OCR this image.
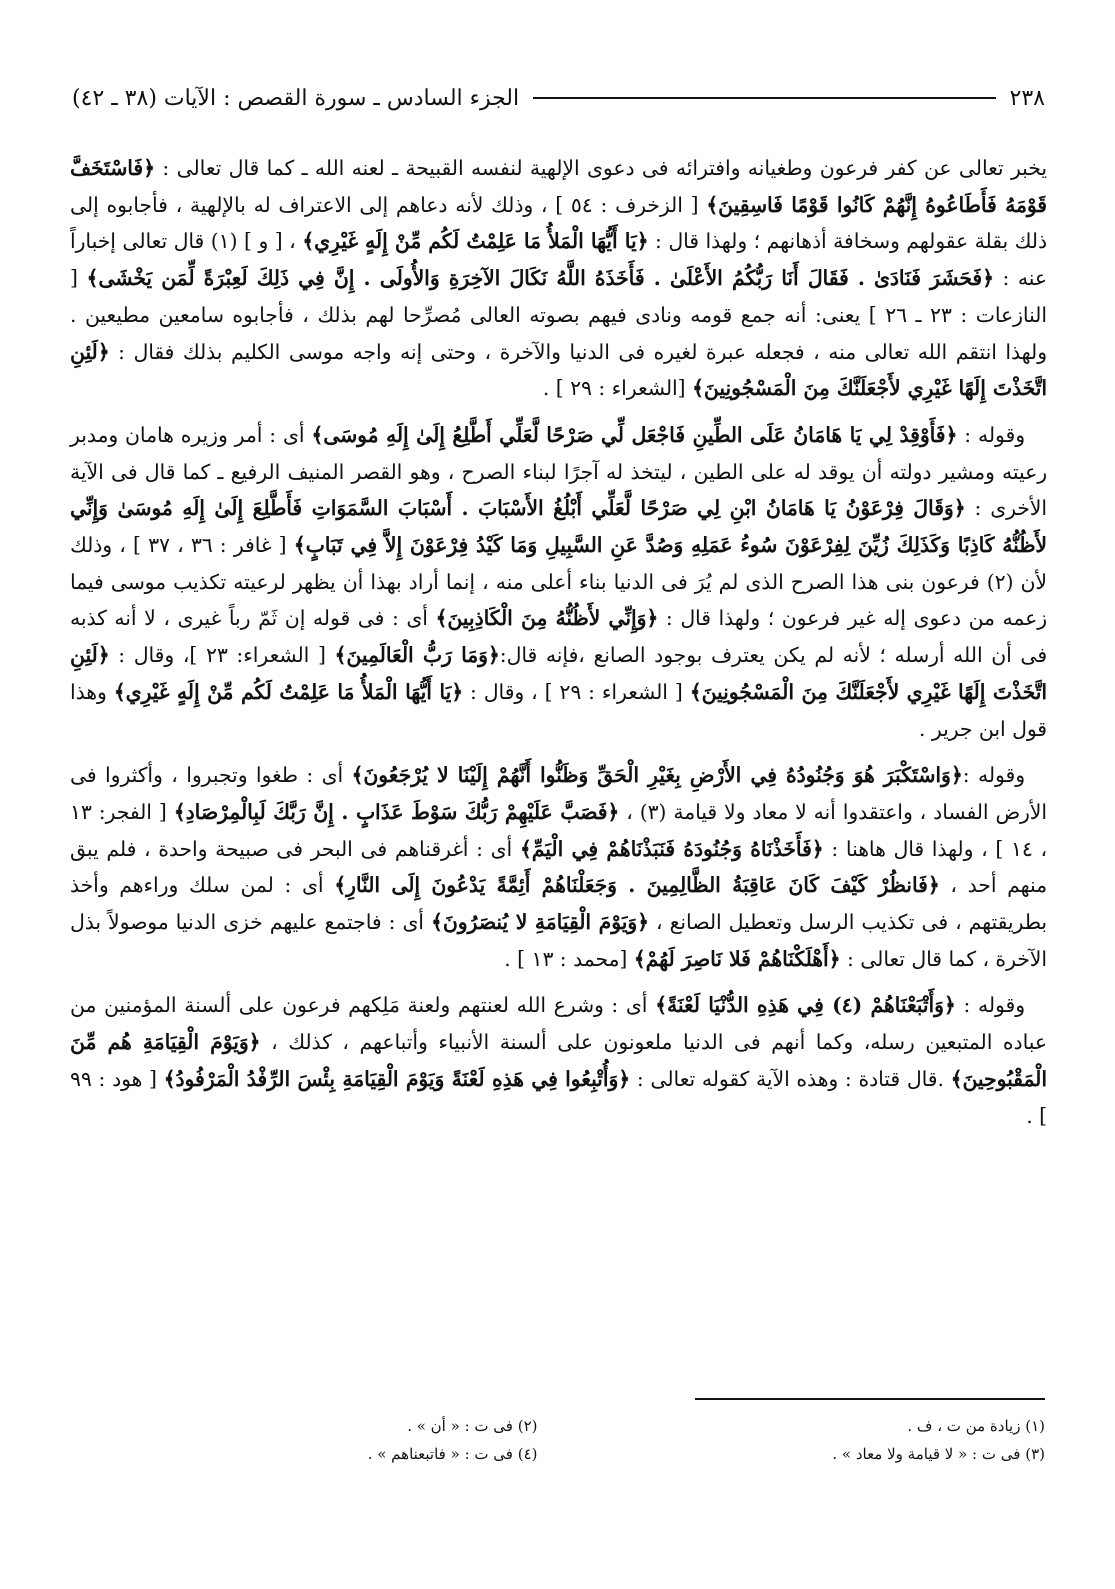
٢٣٨
الجزء السادس ـ سورة القصص : الآيات (٣٨ ـ ٤٢)

يخبر تعالى عن كفر فرعون وطغيانه وافترائه فى دعوى الإلهية لنفسه القبيحة ـ لعنه الله ـ كما قال تعالى : ﴿فَاسْتَخَفَّ قَوْمَهُ فَأَطَاعُوهُ إِنَّهُمْ كَانُوا قَوْمًا فَاسِقِينَ﴾ [ الزخرف : ٥٤ ] ، وذلك لأنه دعاهم إلى الاعتراف له بالإلهية ، فأجابوه إلى ذلك بقلة عقولهم وسخافة أذهانهم ؛ ولهذا قال : ﴿يَا أَيُّهَا الْمَلأُ مَا عَلِمْتُ لَكُم مِّنْ إِلَهٍ غَيْرِي﴾ ، [ و ] (١) قال تعالى إخباراً عنه : ﴿فَحَشَرَ فَنَادَىٰ . فَقَالَ أَنَا رَبُّكُمُ الأَعْلَىٰ . فَأَخَذَهُ اللَّهُ نَكَالَ الآخِرَةِ وَالأُولَى . إِنَّ فِي ذَلِكَ لَعِبْرَةً لِّمَن يَخْشَى﴾ [ النازعات : ٢٣ ـ ٢٦ ] يعنى: أنه جمع قومه ونادى فيهم بصوته العالى مُصرِّحا لهم بذلك ، فأجابوه سامعين مطيعين . ولهذا انتقم الله تعالى منه ، فجعله عبرة لغيره فى الدنيا والآخرة ، وحتى إنه واجه موسى الكليم بذلك فقال : ﴿لَئِنِ اتَّخَذْتَ إِلَهًا غَيْرِي لأَجْعَلَنَّكَ مِنَ الْمَسْجُونِينَ﴾ [الشعراء : ٢٩ ] .

وقوله : ﴿فَأَوْقِدْ لِي يَا هَامَانُ عَلَى الطِّينِ فَاجْعَل لِّي صَرْحًا لَّعَلِّي أَطَّلِعُ إِلَىٰ إِلَهِ مُوسَى﴾ أى : أمر وزيره هامان ومدبر رعيته ومشير دولته أن يوقد له على الطين ، ليتخذ له آجرًا لبناء الصرح ، وهو القصر المنيف الرفيع ـ كما قال فى الآية الأخرى : ﴿وَقَالَ فِرْعَوْنُ يَا هَامَانُ ابْنِ لِي صَرْحًا لَّعَلِّي أَبْلُغُ الأَسْبَابَ . أَسْبَابَ السَّمَوَاتِ فَأَطَّلِعَ إِلَىٰ إِلَهِ مُوسَىٰ وَإِنِّي لأَظُنُّهُ كَاذِبًا وَكَذَلِكَ زُيِّنَ لِفِرْعَوْنَ سُوءُ عَمَلِهِ وَصُدَّ عَنِ السَّبِيلِ وَمَا كَيْدُ فِرْعَوْنَ إِلاَّ فِي تَبَابٍ﴾ [ غافر : ٣٦ ، ٣٧ ] ، وذلك لأن (٢) فرعون بنى هذا الصرح الذى لم يُرَ فى الدنيا بناء أعلى منه ، إنما أراد بهذا أن يظهر لرعيته تكذيب موسى فيما زعمه من دعوى إله غير فرعون ؛ ولهذا قال : ﴿وَإِنِّي لأَظُنُّهُ مِنَ الْكَاذِبِينَ﴾ أى : فى قوله إن ثَمّ رباً غيرى ، لا أنه كذبه فى أن الله أرسله ؛ لأنه لم يكن يعترف بوجود الصانع ،فإنه قال:﴿وَمَا رَبُّ الْعَالَمِينَ﴾ [ الشعراء: ٢٣ ]، وقال : ﴿لَئِنِ اتَّخَذْتَ إِلَهًا غَيْرِي لأَجْعَلَنَّكَ مِنَ الْمَسْجُونِينَ﴾ [ الشعراء : ٢٩ ] ، وقال : ﴿يَا أَيُّهَا الْمَلأُ مَا عَلِمْتُ لَكُم مِّنْ إِلَهٍ غَيْرِي﴾ وهذا قول ابن جرير .

وقوله :﴿وَاسْتَكْبَرَ هُوَ وَجُنُودُهُ فِي الأَرْضِ بِغَيْرِ الْحَقِّ وَظَنُّوا أَنَّهُمْ إِلَيْنَا لا يُرْجَعُونَ﴾ أى : طغوا وتجبروا ، وأكثروا فى الأرض الفساد ، واعتقدوا أنه لا معاد ولا قيامة (٣) ، ﴿فَصَبَّ عَلَيْهِمْ رَبُّكَ سَوْطَ عَذَابٍ . إِنَّ رَبَّكَ لَبِالْمِرْصَادِ﴾ [ الفجر: ١٣ ، ١٤ ] ، ولهذا قال هاهنا : ﴿فَأَخَذْنَاهُ وَجُنُودَهُ فَنَبَذْنَاهُمْ فِي الْيَمِّ﴾ أى : أغرقناهم فى البحر فى صبيحة واحدة ، فلم يبق منهم أحد ، ﴿فَانظُرْ كَيْفَ كَانَ عَاقِبَةُ الظَّالِمِينَ . وَجَعَلْنَاهُمْ أَئِمَّةً يَدْعُونَ إِلَى النَّارِ﴾ أى : لمن سلك وراءهم وأخذ بطريقتهم ، فى تكذيب الرسل وتعطيل الصانع ، ﴿وَيَوْمَ الْقِيَامَةِ لا يُنصَرُونَ﴾ أى : فاجتمع عليهم خزى الدنيا موصولاً بذل الآخرة ، كما قال تعالى : ﴿أَهْلَكْنَاهُمْ فَلا نَاصِرَ لَهُمْ﴾ [محمد : ١٣ ] .

وقوله : ﴿وَأَتْبَعْنَاهُمْ (٤) فِي هَذِهِ الدُّنْيَا لَعْنَةً﴾ أى : وشرع الله لعنتهم ولعنة مَلِكهم فرعون على ألسنة المؤمنين من عباده المتبعين رسله، وكما أنهم فى الدنيا ملعونون على ألسنة الأنبياء وأتباعهم ، كذلك ، ﴿وَيَوْمَ الْقِيَامَةِ هُم مِّنَ الْمَقْبُوحِينَ﴾ .قال قتادة : وهذه الآية كقوله تعالى : ﴿وَأُتْبِعُوا فِي هَذِهِ لَعْنَةً وَيَوْمَ الْقِيَامَةِ بِئْسَ الرِّفْدُ الْمَرْفُودُ﴾ [ هود : ٩٩ ] .

(١) زيادة من ت ، ف .
(٢) فى ت : « أن » .
(٣) فى ت : « لا قيامة ولا معاد » .
(٤) فى ت : « فاتبعناهم » .
